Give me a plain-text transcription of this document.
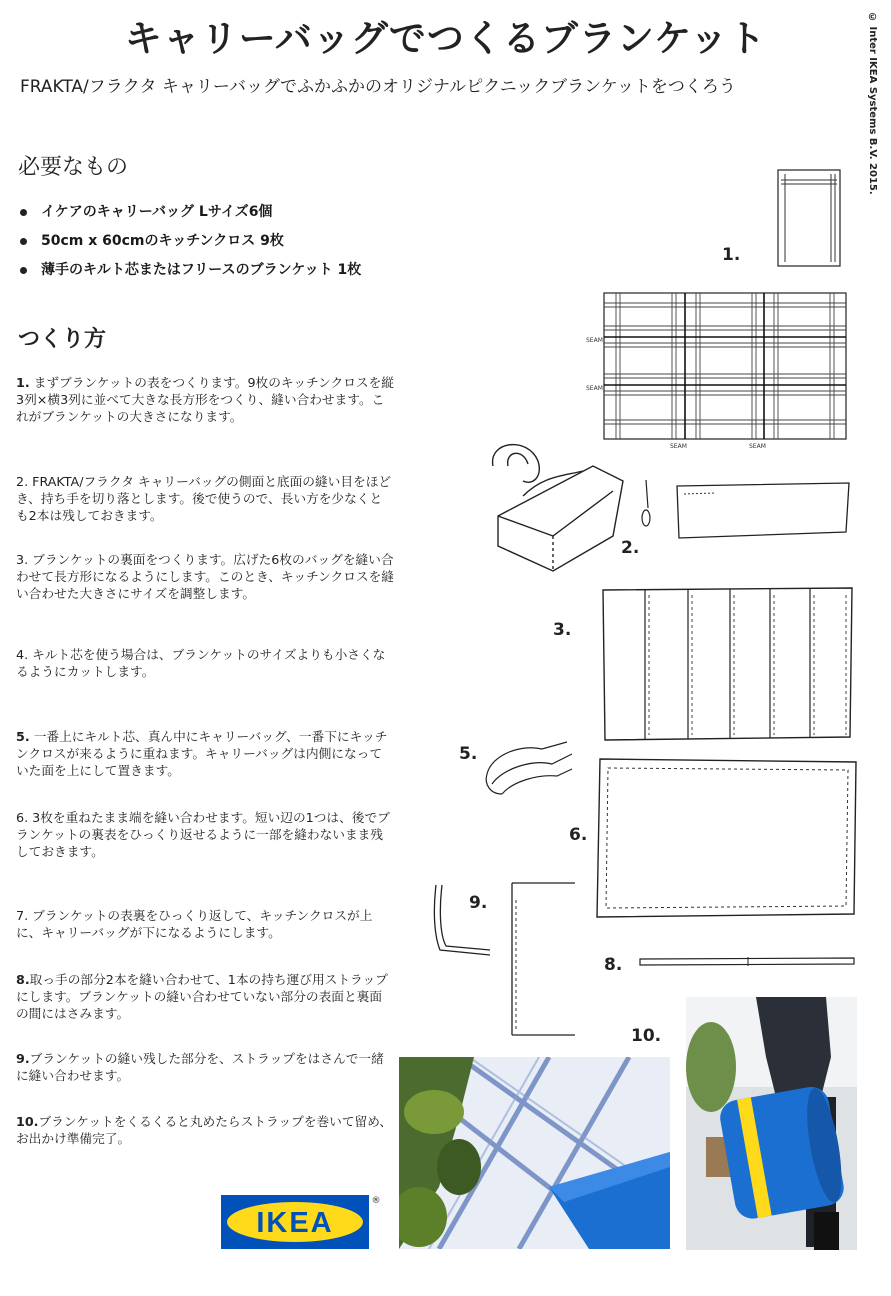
キャリーバッグでつくるブランケット
FRAKTA/フラクタ キャリーバッグでふかふかのオリジナルピクニックブランケットをつくろう	© Inter IKEA Systems B.V. 2015.
必要なもの
イケアのキャリーバッグ Lサイズ6個
50cm x 60cmのキッチンクロス 9枚
薄手のキルト芯またはフリースのブランケット 1枚
つくり方
1. まずブランケットの表をつくります。9枚のキッチンクロスを縦3列×横3列に並べて大きな長方形をつくり、縫い合わせます。これがブランケットの大きさになります。
2. FRAKTA/フラクタ キャリーバッグの側面と底面の縫い目をほどき、持ち手を切り落とします。後で使うので、長い方を少なくとも2本は残しておきます。
3. ブランケットの裏面をつくります。広げた6枚のバッグを縫い合わせて長方形になるようにします。このとき、キッチンクロスを縫い合わせた大きさにサイズを調整します。
4. キルト芯を使う場合は、ブランケットのサイズよりも小さくなるようにカットします。
5. 一番上にキルト芯、真ん中にキャリーバッグ、一番下にキッチンクロスが来るように重ねます。キャリーバッグは内側になっていた面を上にして置きます。
6. 3枚を重ねたまま端を縫い合わせます。短い辺の1つは、後でブランケットの裏表をひっくり返せるように一部を縫わないまま残しておきます。
7. ブランケットの表裏をひっくり返して、キッチンクロスが上に、キャリーバッグが下になるようにします。
8.取っ手の部分2本を縫い合わせて、1本の持ち運び用ストラップにします。ブランケットの縫い合わせていない部分の表面と裏面の間にはさみます。
9.ブランケットの縫い残した部分を、ストラップをはさんで一緒に縫い合わせます。
10.ブランケットをくるくると丸めたらストラップを巻いて留め、お出かけ準備完了。
IKEA
®
1.
SEAM
SEAM
SEAM	SEAM
2.
3.
5.
6.
9.
8.
10.
